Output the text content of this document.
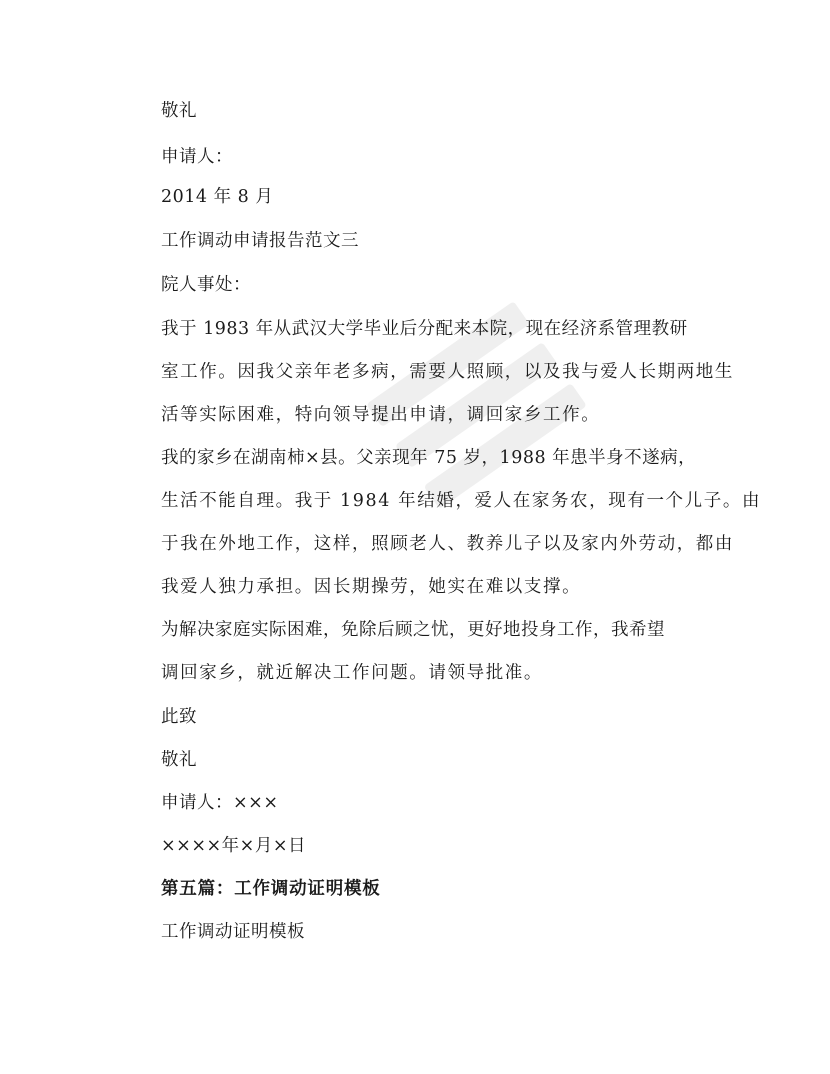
敬礼
申请人：
2014 年 8 月
工作调动申请报告范文三
院人事处：
我于 1983 年从武汉大学毕业后分配来本院，现在经济系管理教研
室工作。因我父亲年老多病，需要人照顾，以及我与爱人长期两地生
活等实际困难，特向领导提出申请，调回家乡工作。
我的家乡在湖南柿×县。父亲现年 75 岁，1988 年患半身不遂病，
生活不能自理。我于 1984 年结婚，爱人在家务农，现有一个儿子。由
于我在外地工作，这样，照顾老人、教养儿子以及家内外劳动，都由
我爱人独力承担。因长期操劳，她实在难以支撑。
为解决家庭实际困难，免除后顾之忧，更好地投身工作，我希望
调回家乡，就近解决工作问题。请领导批准。
此致
敬礼
申请人：×××
××××年×月×日
第五篇：工作调动证明模板
工作调动证明模板
